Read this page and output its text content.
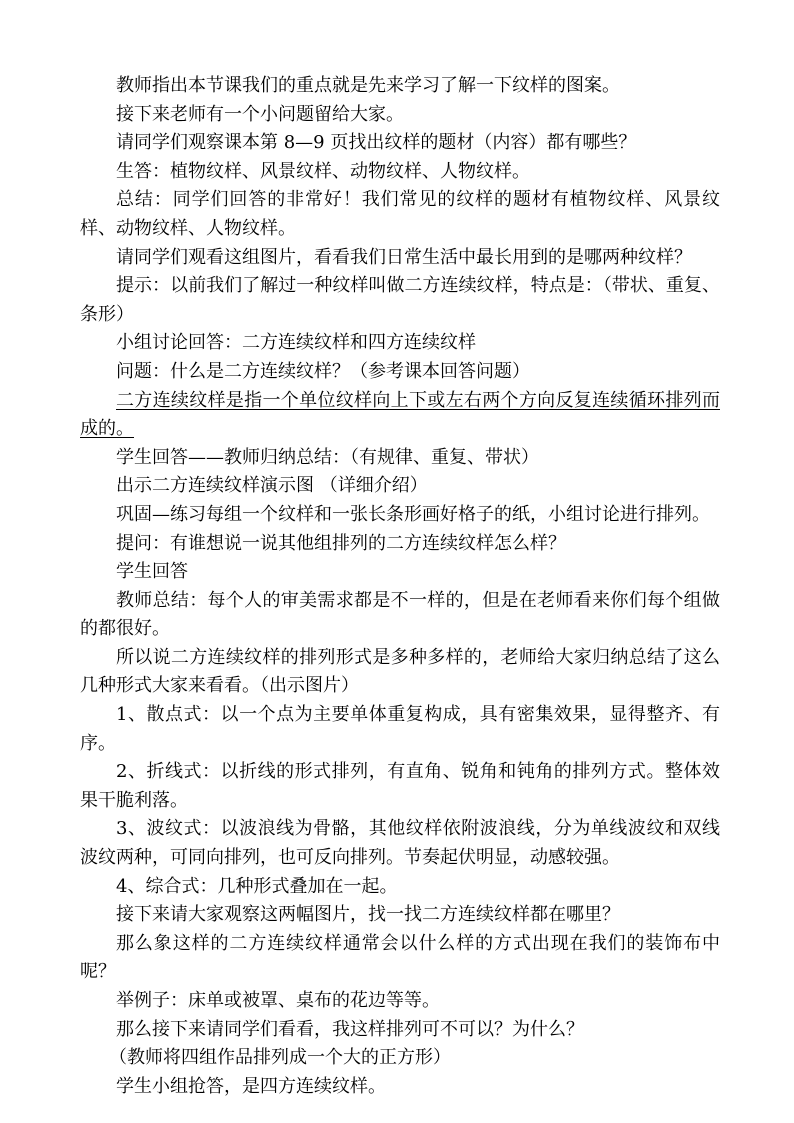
教师指出本节课我们的重点就是先来学习了解一下纹样的图案。

接下来老师有一个小问题留给大家。

请同学们观察课本第 8—9 页找出纹样的题材（内容）都有哪些？

生答：植物纹样、风景纹样、动物纹样、人物纹样。

总结：同学们回答的非常好！我们常见的纹样的题材有植物纹样、风景纹样、动物纹样、人物纹样。

请同学们观看这组图片，看看我们日常生活中最长用到的是哪两种纹样？

提示：以前我们了解过一种纹样叫做二方连续纹样，特点是：（带状、重复、条形）

小组讨论回答：二方连续纹样和四方连续纹样

问题：什么是二方连续纹样？（参考课本回答问题）

二方连续纹样是指一个单位纹样向上下或左右两个方向反复连续循环排列而成的。

学生回答——教师归纳总结：（有规律、重复、带状）

出示二方连续纹样演示图 （详细介绍）

巩固—练习每组一个纹样和一张长条形画好格子的纸，小组讨论进行排列。

提问：有谁想说一说其他组排列的二方连续纹样怎么样？

学生回答

教师总结：每个人的审美需求都是不一样的，但是在老师看来你们每个组做的都很好。

所以说二方连续纹样的排列形式是多种多样的，老师给大家归纳总结了这么几种形式大家来看看。（出示图片）

1、散点式：以一个点为主要单体重复构成，具有密集效果，显得整齐、有序。

2、折线式：以折线的形式排列，有直角、锐角和钝角的排列方式。整体效果干脆利落。

3、波纹式：以波浪线为骨骼，其他纹样依附波浪线，分为单线波纹和双线波纹两种，可同向排列，也可反向排列。节奏起伏明显，动感较强。

4、综合式：几种形式叠加在一起。

接下来请大家观察这两幅图片，找一找二方连续纹样都在哪里？

那么象这样的二方连续纹样通常会以什么样的方式出现在我们的装饰布中呢？

举例子：床单或被罩、桌布的花边等等。

那么接下来请同学们看看，我这样排列可不可以？为什么？

（教师将四组作品排列成一个大的正方形）

学生小组抢答，是四方连续纹样。
